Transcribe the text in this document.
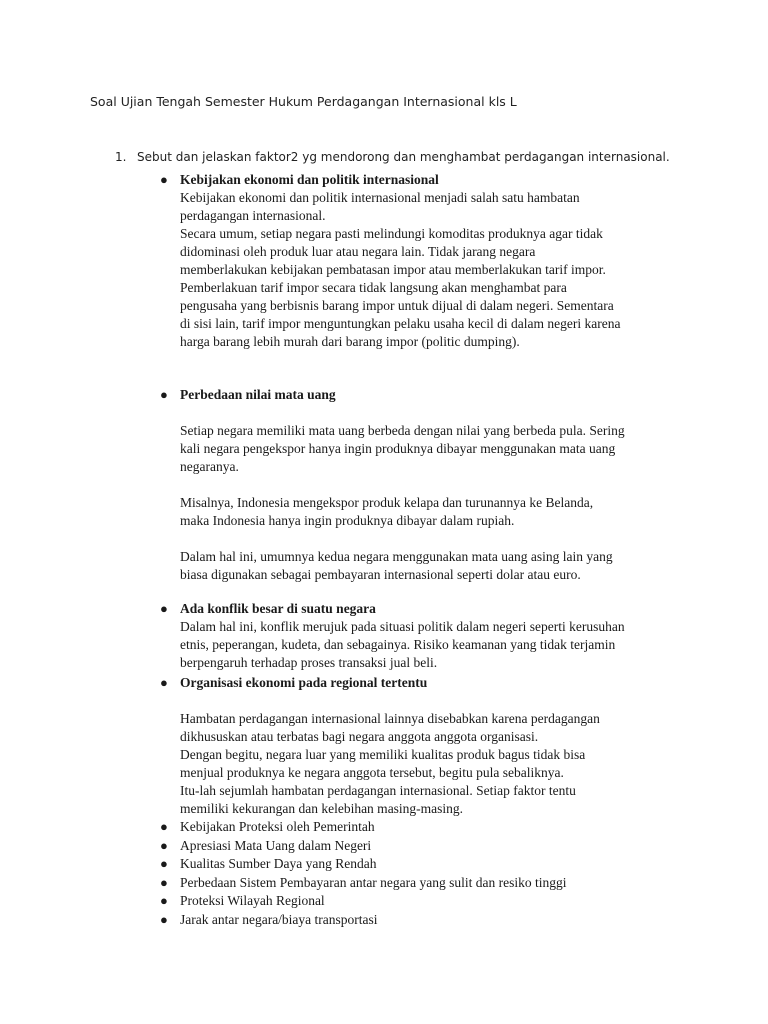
Soal Ujian Tengah Semester Hukum Perdagangan Internasional kls L
1. Sebut dan jelaskan faktor2 yg mendorong dan menghambat perdagangan internasional.
● Kebijakan ekonomi dan politik internasional
Kebijakan ekonomi dan politik internasional menjadi salah satu hambatan
perdagangan internasional.
Secara umum, setiap negara pasti melindungi komoditas produknya agar tidak
didominasi oleh produk luar atau negara lain. Tidak jarang negara
memberlakukan kebijakan pembatasan impor atau memberlakukan tarif impor.
Pemberlakuan tarif impor secara tidak langsung akan menghambat para
pengusaha yang berbisnis barang impor untuk dijual di dalam negeri. Sementara
di sisi lain, tarif impor menguntungkan pelaku usaha kecil di dalam negeri karena
harga barang lebih murah dari barang impor (politic dumping).
● Perbedaan nilai mata uang
Setiap negara memiliki mata uang berbeda dengan nilai yang berbeda pula. Sering
kali negara pengekspor hanya ingin produknya dibayar menggunakan mata uang
negaranya.
Misalnya, Indonesia mengekspor produk kelapa dan turunannya ke Belanda,
maka Indonesia hanya ingin produknya dibayar dalam rupiah.
Dalam hal ini, umumnya kedua negara menggunakan mata uang asing lain yang
biasa digunakan sebagai pembayaran internasional seperti dolar atau euro.
● Ada konflik besar di suatu negara
Dalam hal ini, konflik merujuk pada situasi politik dalam negeri seperti kerusuhan
etnis, peperangan, kudeta, dan sebagainya. Risiko keamanan yang tidak terjamin
berpengaruh terhadap proses transaksi jual beli.
● Organisasi ekonomi pada regional tertentu
Hambatan perdagangan internasional lainnya disebabkan karena perdagangan
dikhususkan atau terbatas bagi negara anggota anggota organisasi.
Dengan begitu, negara luar yang memiliki kualitas produk bagus tidak bisa
menjual produknya ke negara anggota tersebut, begitu pula sebaliknya.
Itu-lah sejumlah hambatan perdagangan internasional. Setiap faktor tentu
memiliki kekurangan dan kelebihan masing-masing.
● Kebijakan Proteksi oleh Pemerintah
● Apresiasi Mata Uang dalam Negeri
● Kualitas Sumber Daya yang Rendah
● Perbedaan Sistem Pembayaran antar negara yang sulit dan resiko tinggi
● Proteksi Wilayah Regional
● Jarak antar negara/biaya transportasi
